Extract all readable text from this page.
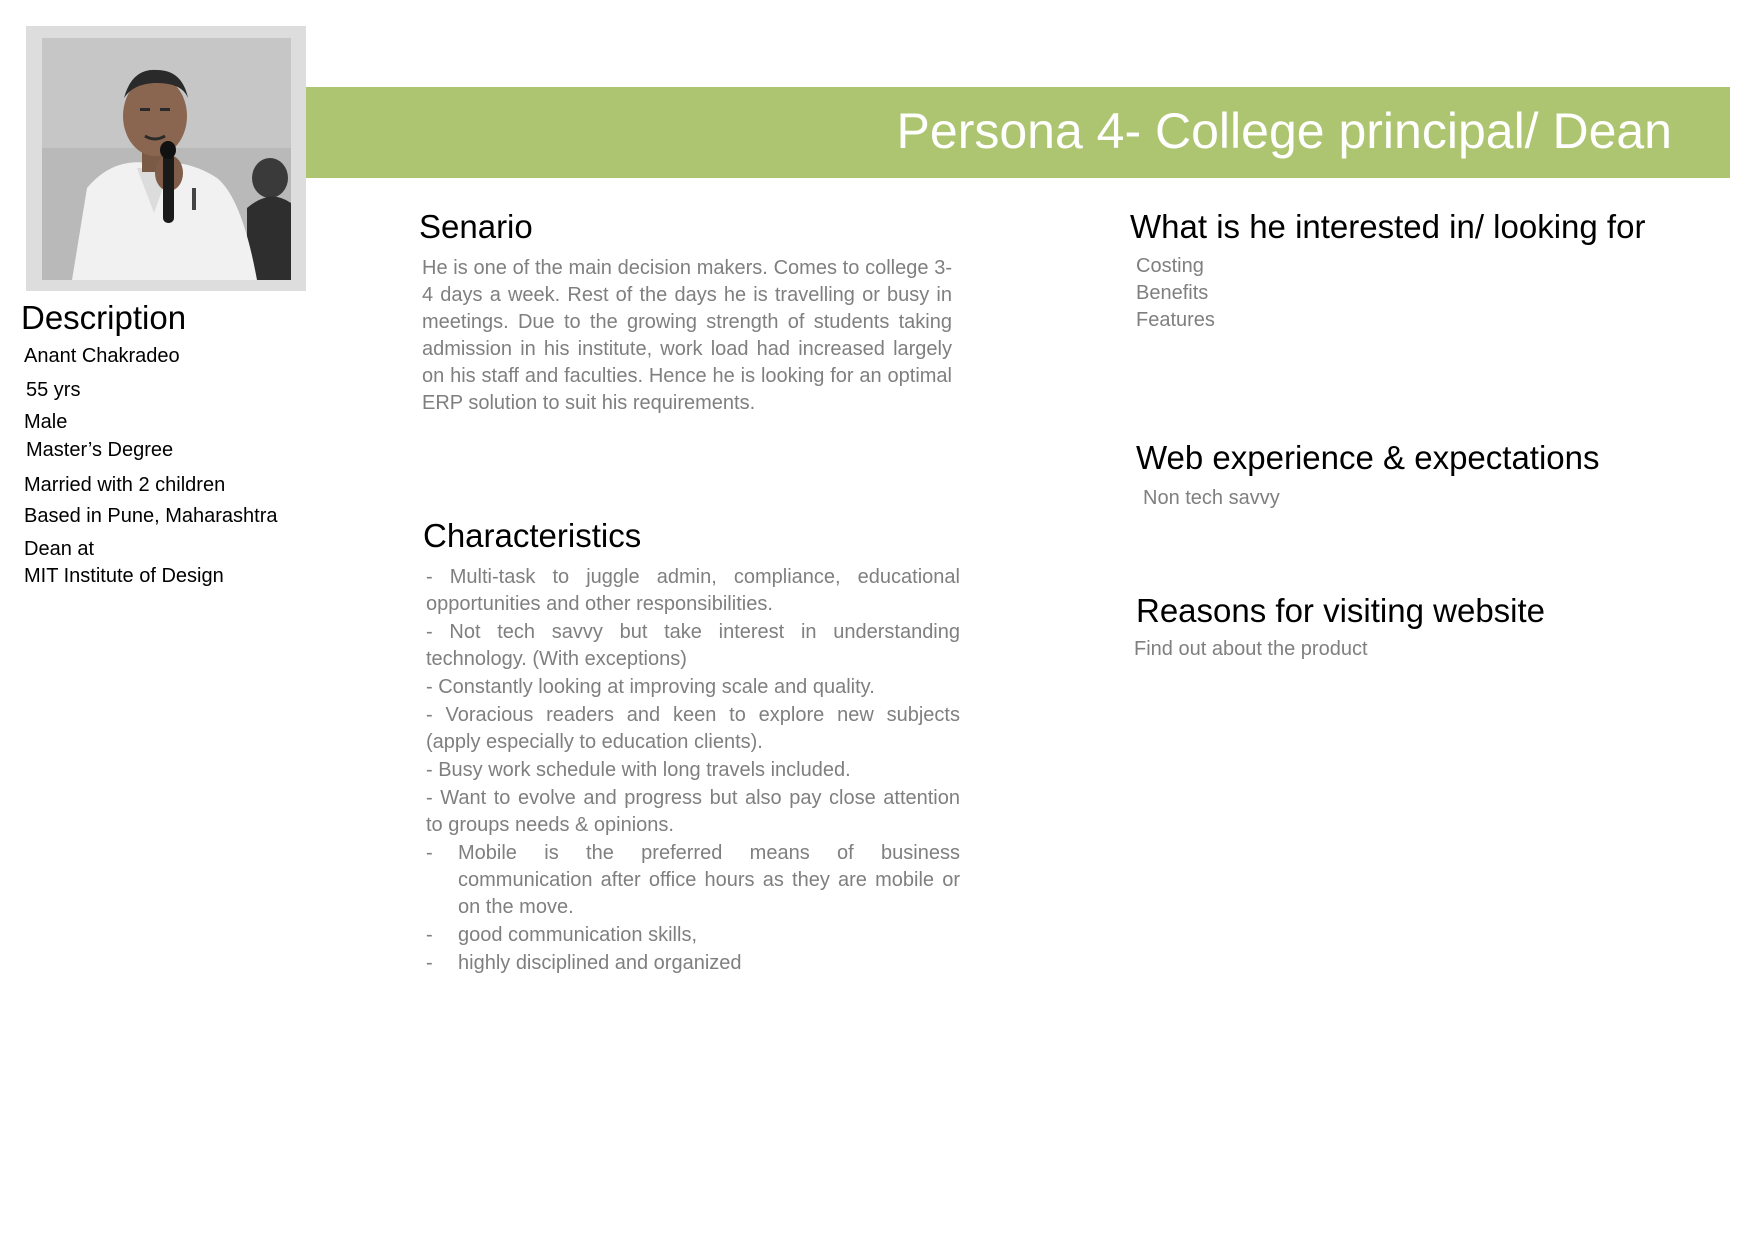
Persona 4- College principal/ Dean
Description
Anant Chakradeo
55 yrs
Male
Master’s Degree
Married with 2 children
Based in Pune, Maharashtra
Dean at
MIT Institute of Design
Senario
He is one of the main decision makers. Comes to college 3-4 days a week. Rest of the days he is travelling or busy in meetings. Due to the growing strength of students taking admission in his institute, work load had increased largely on his staff and faculties. Hence he is looking for an optimal ERP solution to suit his requirements.
Characteristics
- Multi-task to juggle admin, compliance, educational opportunities and other responsibilities.
- Not tech savvy but take interest in understanding technology. (With exceptions)
- Constantly looking at improving scale and quality.
- Voracious readers and keen to explore new subjects (apply especially to education clients).
- Busy work schedule with long travels included.
- Want to evolve and progress but also pay close attention to groups needs & opinions.
- Mobile is the preferred means of business communication after office hours as they are mobile or on the move.
- good communication skills,
- highly disciplined and organized
What is he interested in/ looking for
Costing
Benefits
Features
Web experience & expectations
Non tech savvy
Reasons for visiting website
Find out about the product
